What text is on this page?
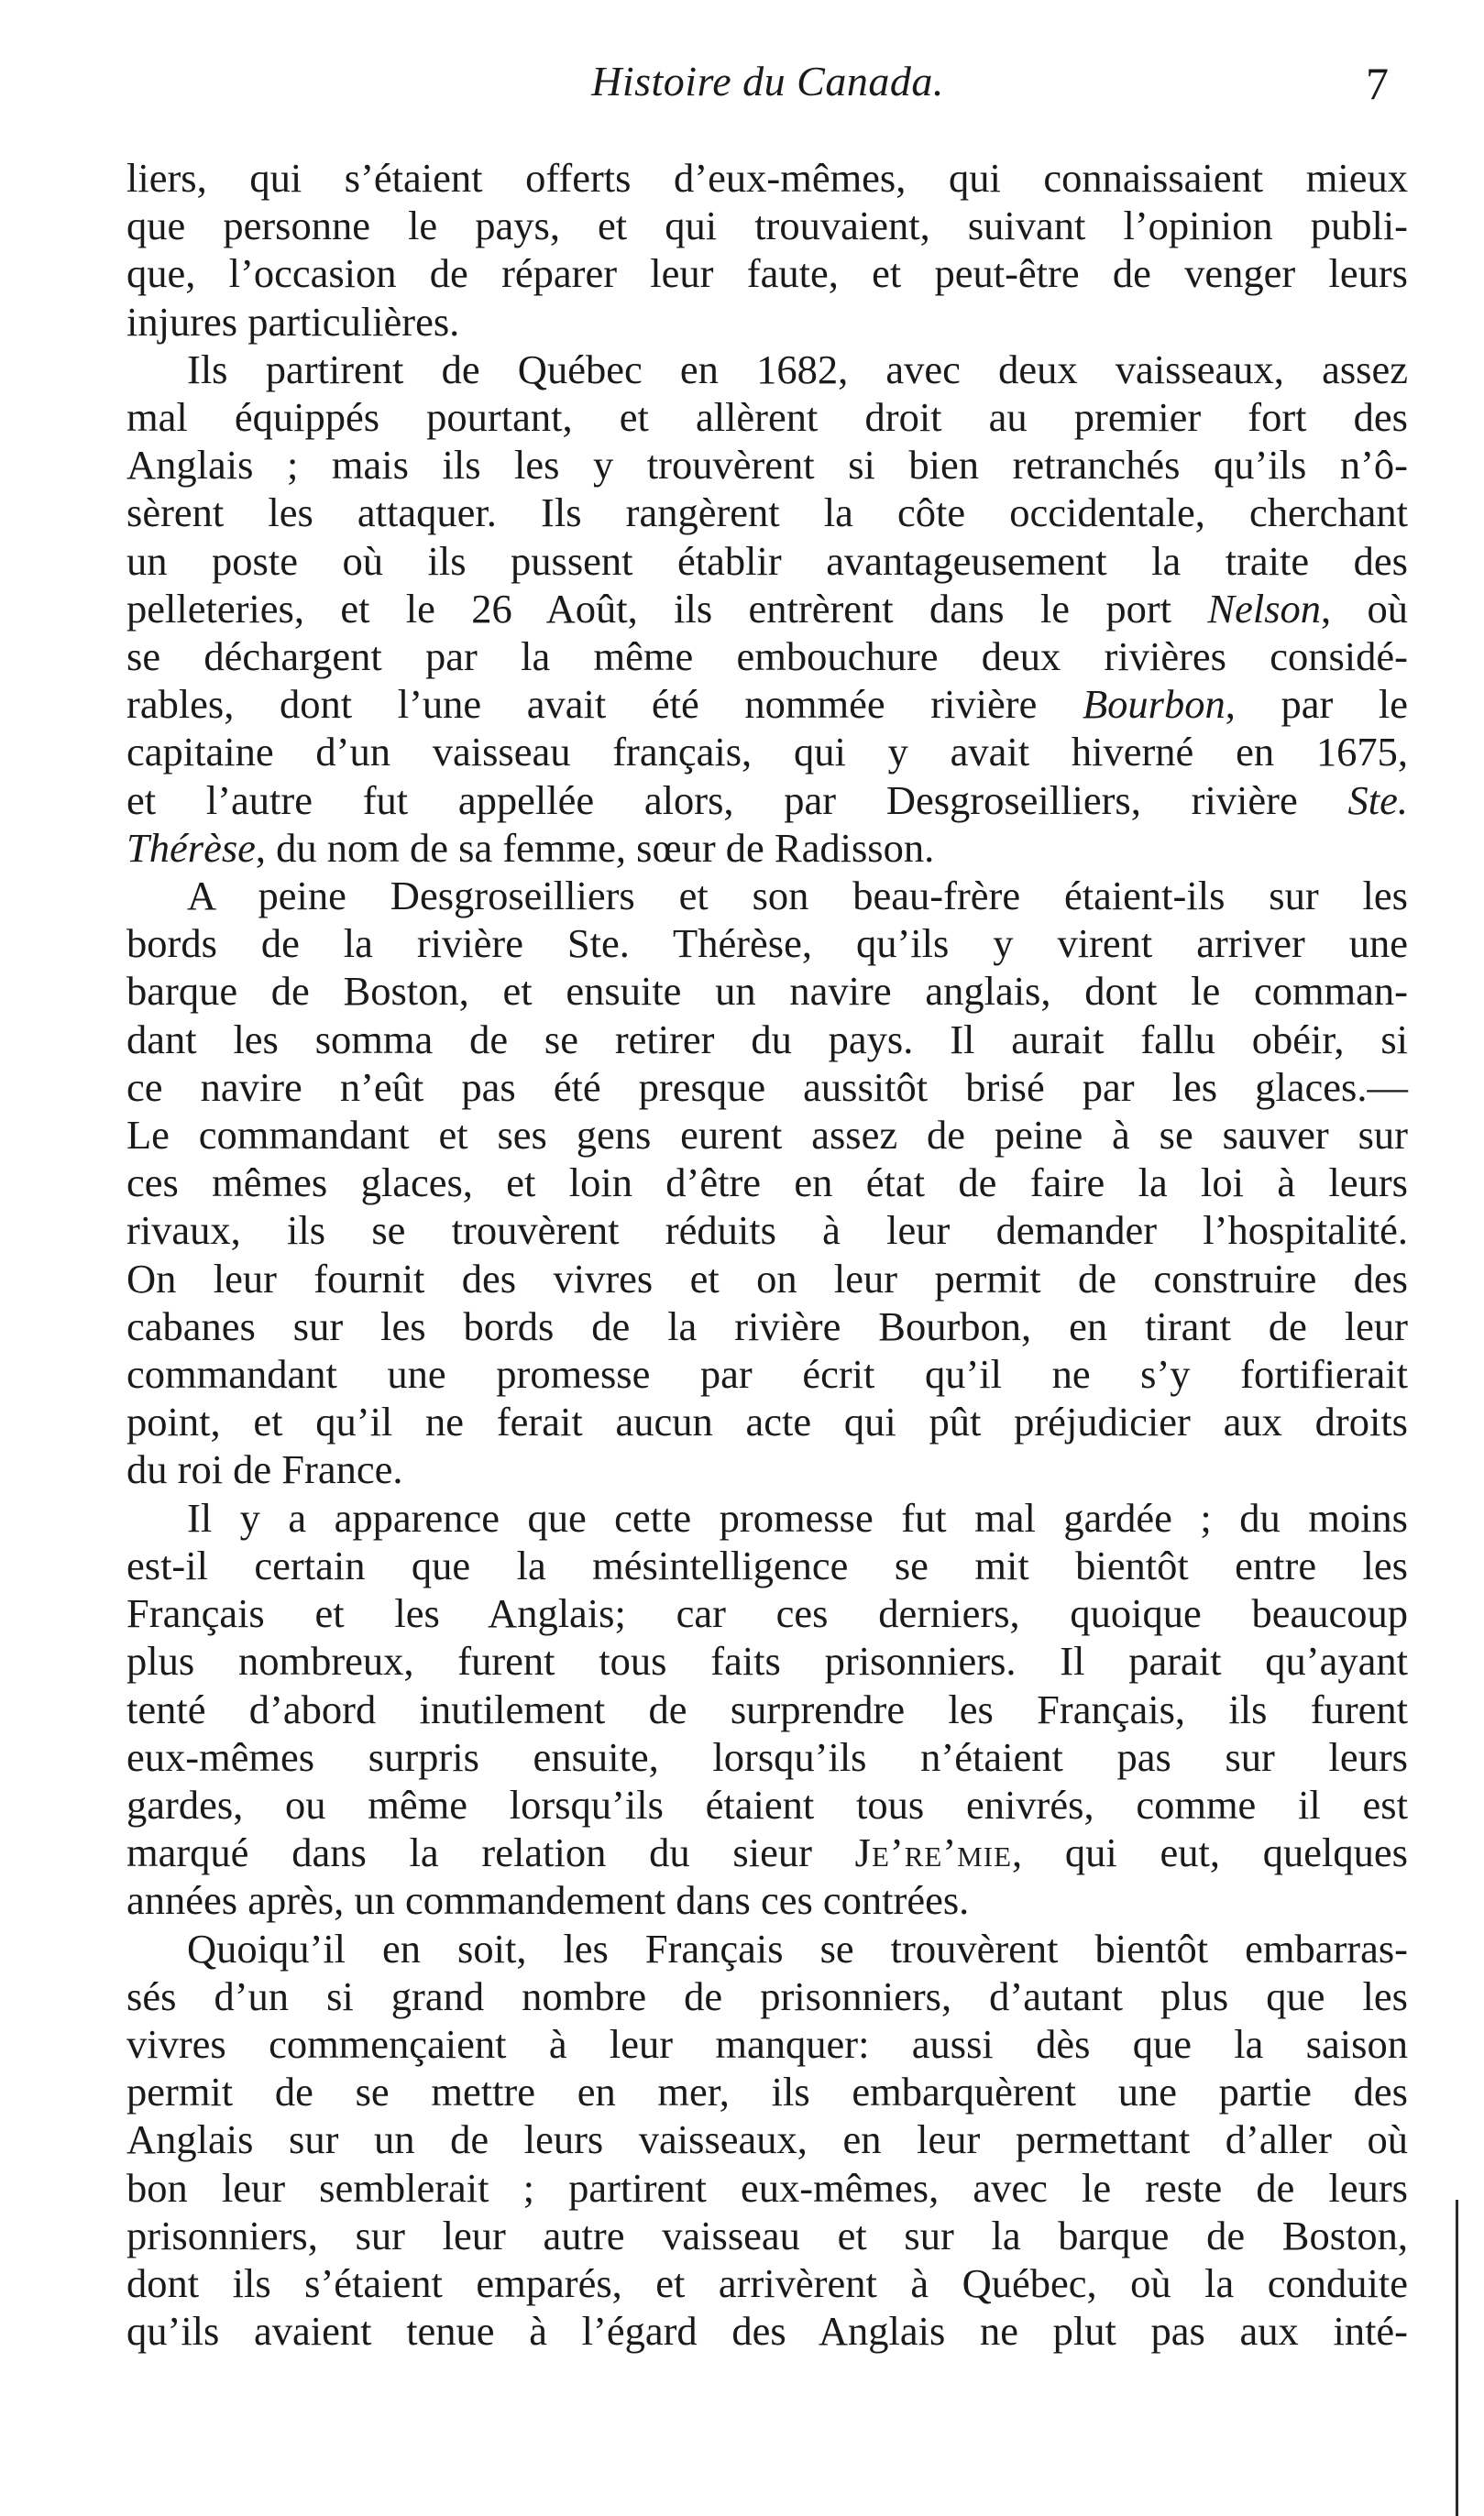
Histoire du Canada.	7

liers, qui s’étaient offerts d’eux-mêmes, qui connaissaient mieux
que personne le pays, et qui trouvaient, suivant l’opinion publi-
que, l’occasion de réparer leur faute, et peut-être de venger leurs
injures particulières.

Ils partirent de Québec en 1682, avec deux vaisseaux, assez
mal équippés pourtant, et allèrent droit au premier fort des
Anglais ; mais ils les y trouvèrent si bien retranchés qu’ils n’ô-
sèrent les attaquer. Ils rangèrent la côte occidentale, cherchant
un poste où ils pussent établir avantageusement la traite des
pelleteries, et le 26 Août, ils entrèrent dans le port Nelson, où
se déchargent par la même embouchure deux rivières considé-
rables, dont l’une avait été nommée rivière Bourbon, par le
capitaine d’un vaisseau français, qui y avait hiverné en 1675,
et l’autre fut appellée alors, par Desgroseilliers, rivière Ste.
Thérèse, du nom de sa femme, sœur de Radisson.

A peine Desgroseilliers et son beau-frère étaient-ils sur les
bords de la rivière Ste. Thérèse, qu’ils y virent arriver une
barque de Boston, et ensuite un navire anglais, dont le comman-
dant les somma de se retirer du pays. Il aurait fallu obéir, si
ce navire n’eût pas été presque aussitôt brisé par les glaces.—
Le commandant et ses gens eurent assez de peine à se sauver sur
ces mêmes glaces, et loin d’être en état de faire la loi à leurs
rivaux, ils se trouvèrent réduits à leur demander l’hospitalité.
On leur fournit des vivres et on leur permit de construire des
cabanes sur les bords de la rivière Bourbon, en tirant de leur
commandant une promesse par écrit qu’il ne s’y fortifierait
point, et qu’il ne ferait aucun acte qui pût préjudicier aux droits
du roi de France.

Il y a apparence que cette promesse fut mal gardée ; du moins
est-il certain que la mésintelligence se mit bientôt entre les
Français et les Anglais; car ces derniers, quoique beaucoup
plus nombreux, furent tous faits prisonniers. Il parait qu’ayant
tenté d’abord inutilement de surprendre les Français, ils furent
eux-mêmes surpris ensuite, lorsqu’ils n’étaient pas sur leurs
gardes, ou même lorsqu’ils étaient tous enivrés, comme il est
marqué dans la relation du sieur Je’re’mie, qui eut, quelques
années après, un commandement dans ces contrées.

Quoiqu’il en soit, les Français se trouvèrent bientôt embarras-
sés d’un si grand nombre de prisonniers, d’autant plus que les
vivres commençaient à leur manquer: aussi dès que la saison
permit de se mettre en mer, ils embarquèrent une partie des
Anglais sur un de leurs vaisseaux, en leur permettant d’aller où
bon leur semblerait ; partirent eux-mêmes, avec le reste de leurs
prisonniers, sur leur autre vaisseau et sur la barque de Boston,
dont ils s’étaient emparés, et arrivèrent à Québec, où la conduite
qu’ils avaient tenue à l’égard des Anglais ne plut pas aux inté-
